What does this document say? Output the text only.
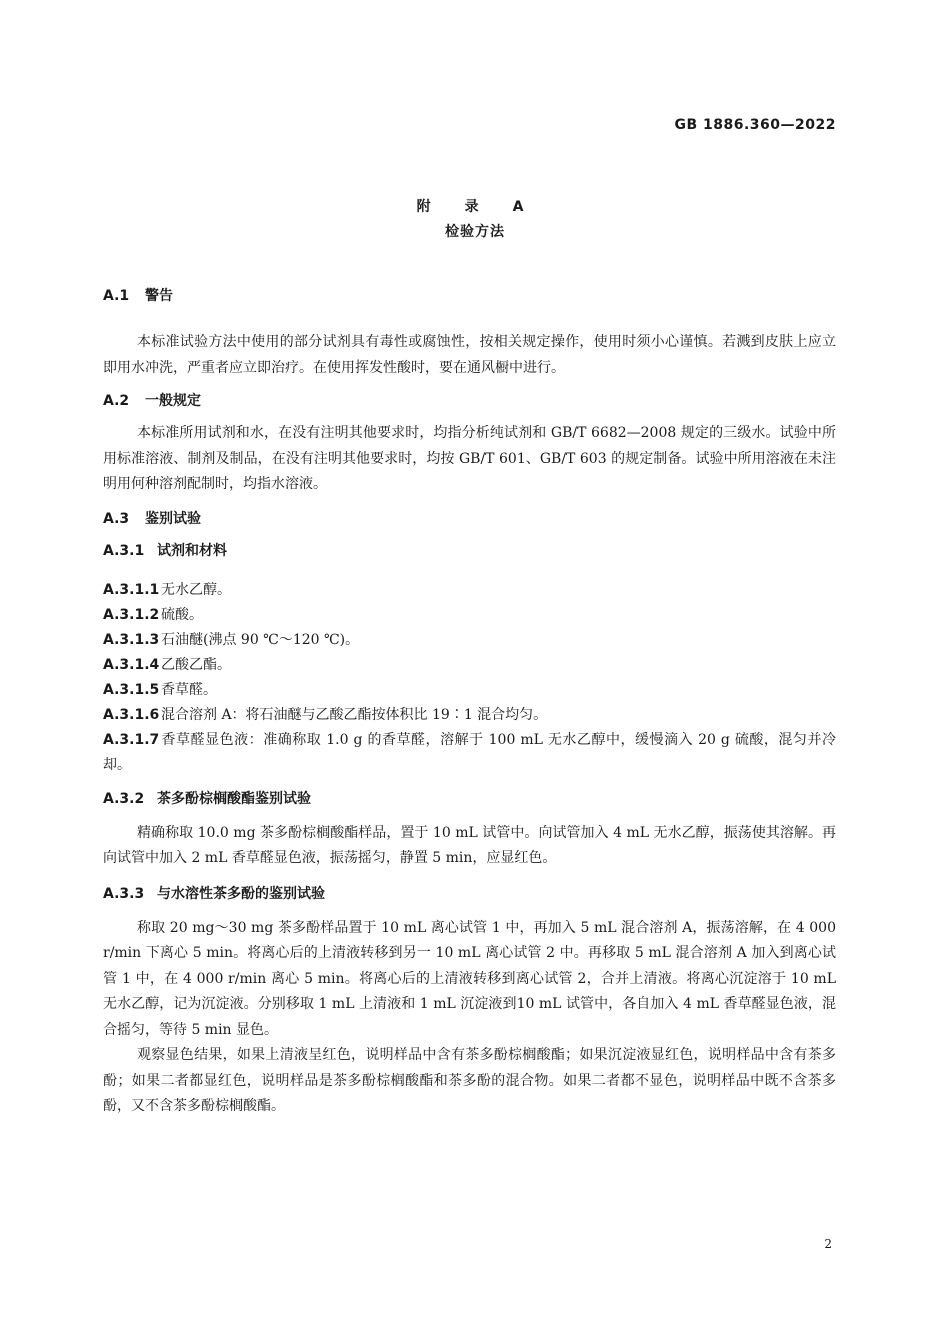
GB 1886.360—2022
附　录　A
检验方法
A.1 警告

本标准试验方法中使用的部分试剂具有毒性或腐蚀性，按相关规定操作，使用时须小心谨慎。若溅到皮肤上应立即用水冲洗，严重者应立即治疗。在使用挥发性酸时，要在通风橱中进行。

A.2 一般规定

本标准所用试剂和水，在没有注明其他要求时，均指分析纯试剂和 GB/T 6682—2008 规定的三级水。试验中所用标准溶液、制剂及制品，在没有注明其他要求时，均按 GB/T 601、GB/T 603 的规定制备。试验中所用溶液在未注明用何种溶剂配制时，均指水溶液。

A.3 鉴别试验
A.3.1 试剂和材料

A.3.1.1 无水乙醇。

A.3.1.2 硫酸。

A.3.1.3 石油醚(沸点 90 ℃～120 ℃)。

A.3.1.4 乙酸乙酯。

A.3.1.5 香草醛。

A.3.1.6 混合溶剂 A：将石油醚与乙酸乙酯按体积比 19∶1 混合均匀。

A.3.1.7 香草醛显色液：准确称取 1.0 g 的香草醛，溶解于 100 mL 无水乙醇中，缓慢滴入 20 g 硫酸，混匀并冷却。

A.3.2 茶多酚棕榈酸酯鉴别试验

精确称取 10.0 mg 茶多酚棕榈酸酯样品，置于 10 mL 试管中。向试管加入 4 mL 无水乙醇，振荡使其溶解。再向试管中加入 2 mL 香草醛显色液，振荡摇匀，静置 5 min，应显红色。

A.3.3 与水溶性茶多酚的鉴别试验

称取 20 mg～30 mg 茶多酚样品置于 10 mL 离心试管 1 中，再加入 5 mL 混合溶剂 A，振荡溶解，在 4 000 r/min 下离心 5 min。将离心后的上清液转移到另一 10 mL 离心试管 2 中。再移取 5 mL 混合溶剂 A 加入到离心试管 1 中，在 4 000 r/min 离心 5 min。将离心后的上清液转移到离心试管 2，合并上清液。将离心沉淀溶于 10 mL 无水乙醇，记为沉淀液。分别移取 1 mL 上清液和 1 mL 沉淀液到10 mL 试管中，各自加入 4 mL 香草醛显色液，混合摇匀，等待 5 min 显色。

观察显色结果，如果上清液呈红色，说明样品中含有茶多酚棕榈酸酯；如果沉淀液显红色，说明样品中含有茶多酚；如果二者都显红色，说明样品是茶多酚棕榈酸酯和茶多酚的混合物。如果二者都不显色，说明样品中既不含茶多酚，又不含茶多酚棕榈酸酯。

2
